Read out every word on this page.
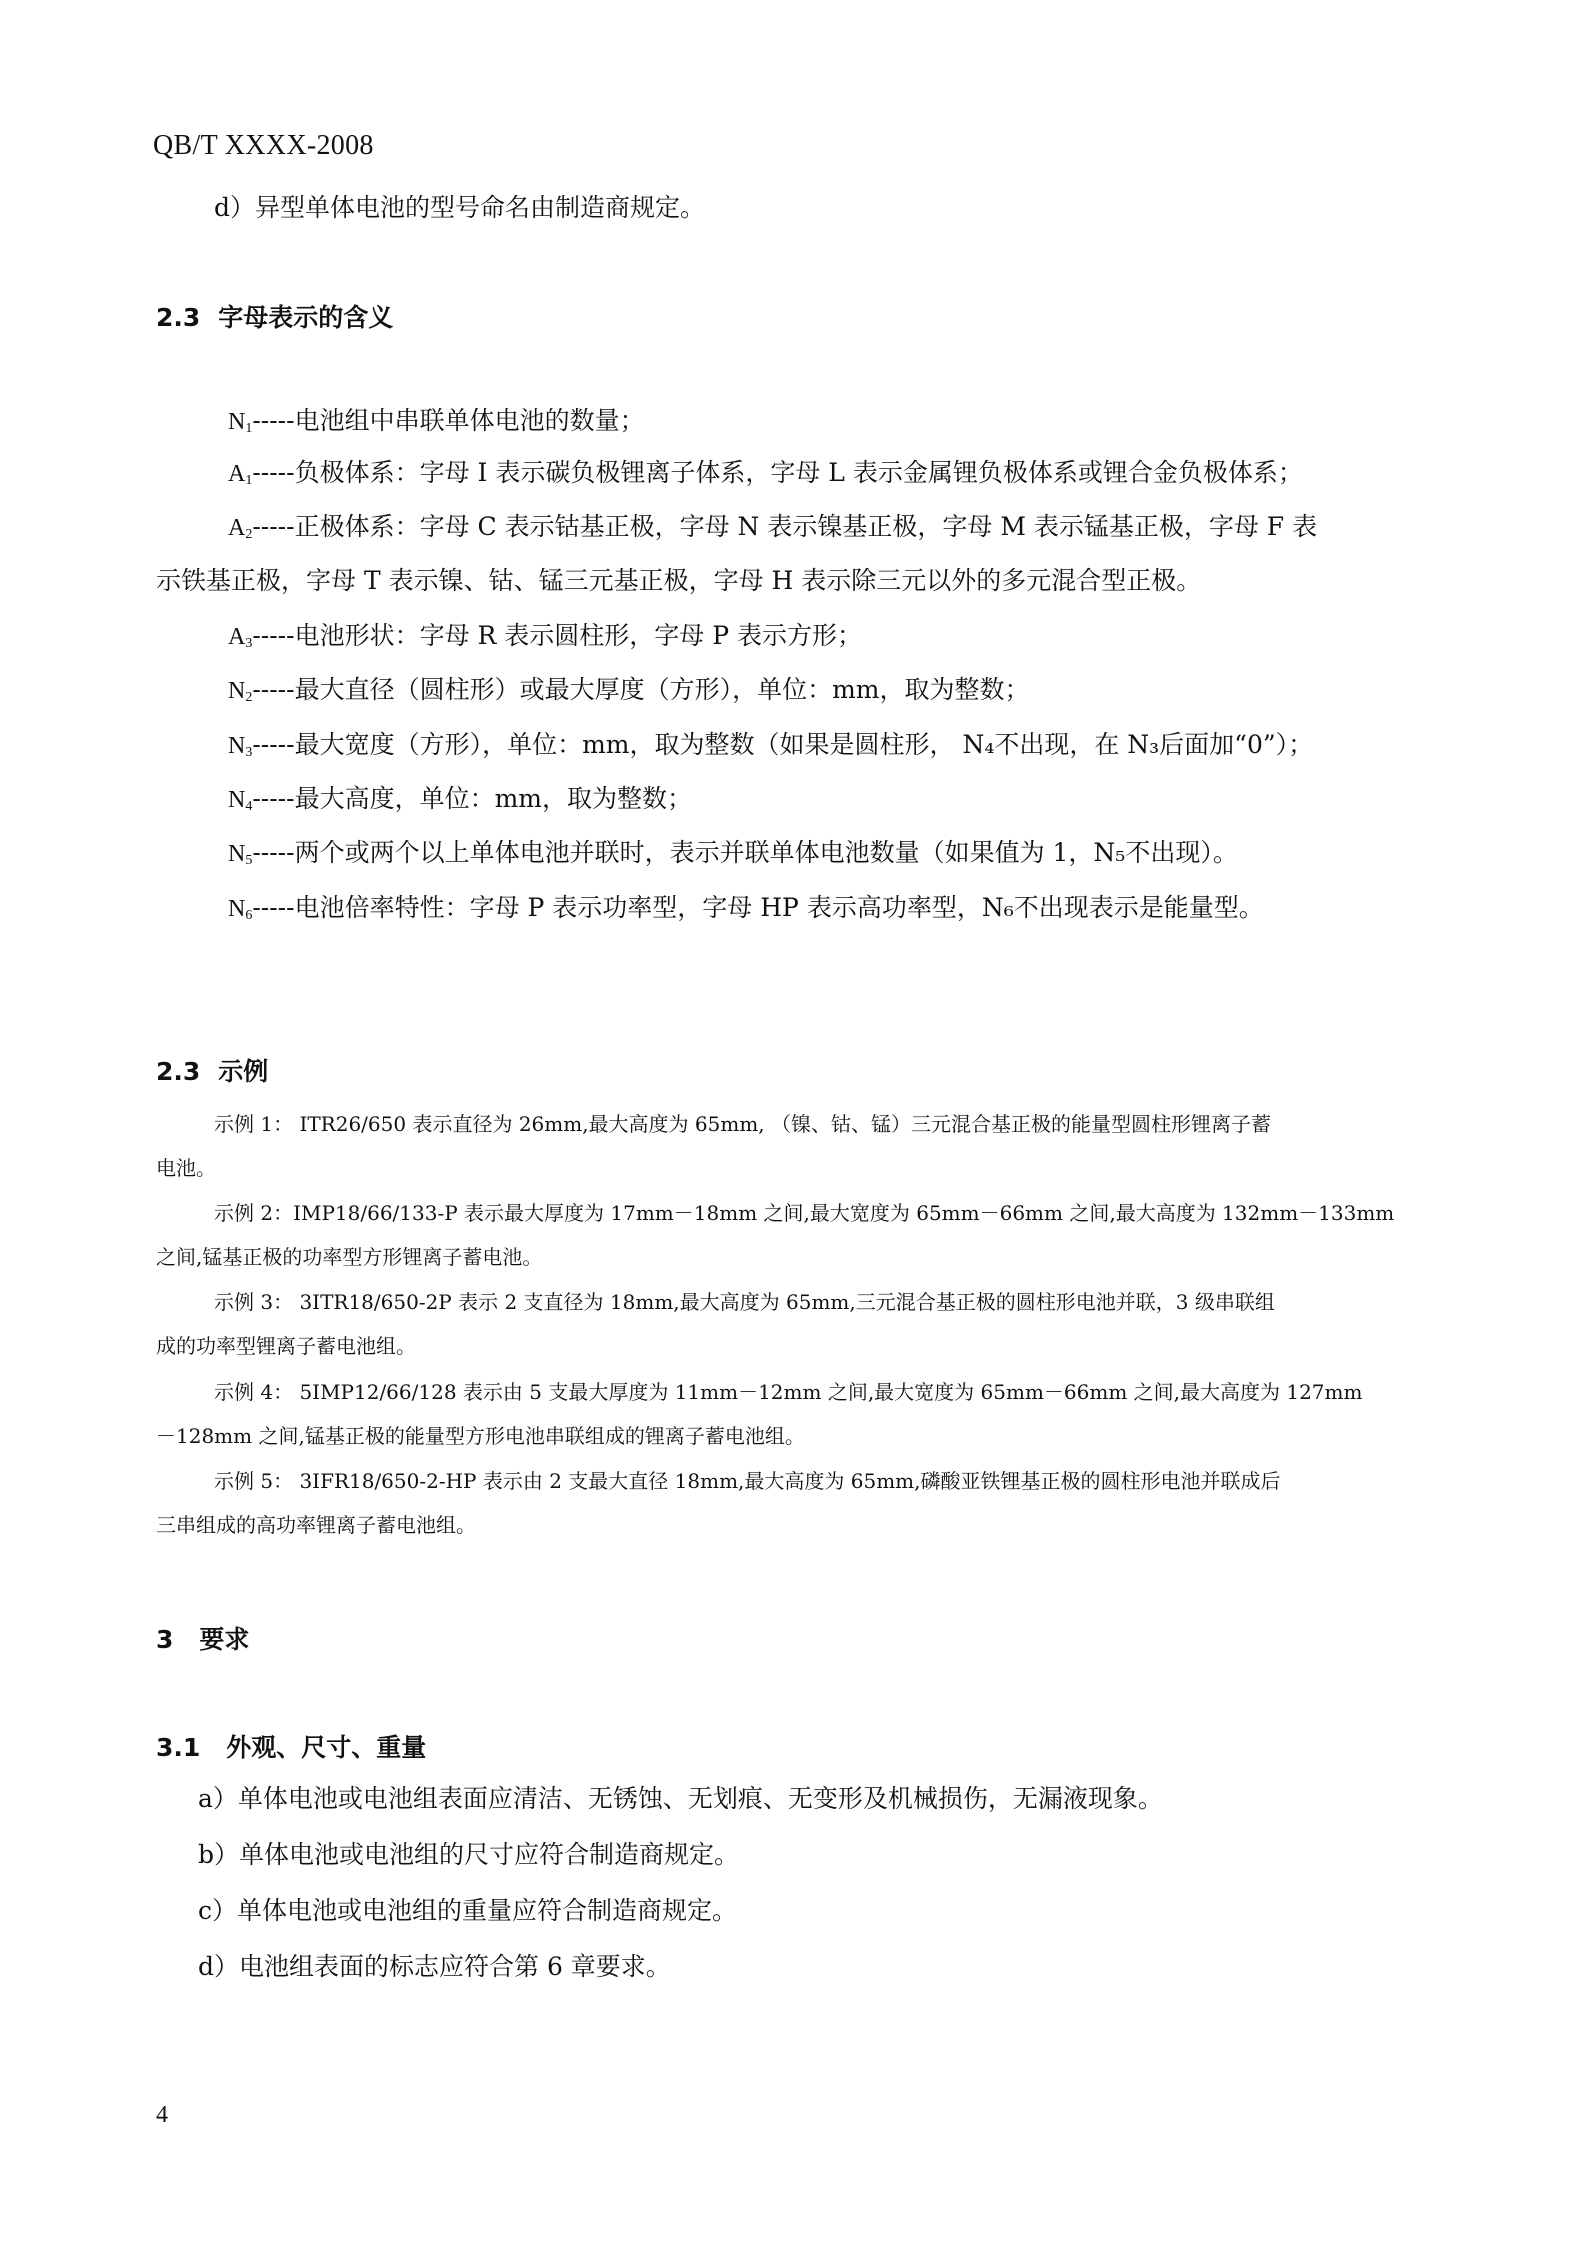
QB/T XXXX-2008
d）异型单体电池的型号命名由制造商规定。
2.3 字母表示的含义
$N_1-----$电池组中串联单体电池的数量；
$A_1-----$负极体系：字母 I 表示碳负极锂离子体系，字母 L 表示金属锂负极体系或锂合金负极体系；
$A_2-----$正极体系：字母 C 表示钴基正极，字母 N 表示镍基正极，字母 M 表示锰基正极，字母 F 表
示铁基正极，字母 T 表示镍、钴、锰三元基正极，字母 H 表示除三元以外的多元混合型正极。
$A_3-----$电池形状：字母 R 表示圆柱形，字母 P 表示方形；
$N_2-----$最大直径（圆柱形）或最大厚度（方形），单位：mm，取为整数；
$N_3-----$最大宽度（方形），单位：mm，取为整数（如果是圆柱形， N₄不出现，在 N₃后面加“0”）；
$N_4-----$最大高度，单位：mm，取为整数；
$N_5-----$两个或两个以上单体电池并联时，表示并联单体电池数量（如果值为 1，N₅不出现）。
$N_6-----$电池倍率特性：字母 P 表示功率型，字母 HP 表示高功率型，N₆不出现表示是能量型。
2.3 示例
示例 1： ITR26/650 表示直径为 26mm,最大高度为 65mm, （镍、钴、锰）三元混合基正极的能量型圆柱形锂离子蓄
电池。
示例 2：IMP18/66/133-P 表示最大厚度为 17mm－18mm 之间,最大宽度为 65mm－66mm 之间,最大高度为 132mm－133mm
之间,锰基正极的功率型方形锂离子蓄电池。
示例 3： 3ITR18/650-2P 表示 2 支直径为 18mm,最大高度为 65mm,三元混合基正极的圆柱形电池并联，3 级串联组
成的功率型锂离子蓄电池组。
示例 4： 5IMP12/66/128 表示由 5 支最大厚度为 11mm－12mm 之间,最大宽度为 65mm－66mm 之间,最大高度为 127mm
－128mm 之间,锰基正极的能量型方形电池串联组成的锂离子蓄电池组。
示例 5： 3IFR18/650-2-HP 表示由 2 支最大直径 18mm,最大高度为 65mm,磷酸亚铁锂基正极的圆柱形电池并联成后
三串组成的高功率锂离子蓄电池组。
3 要求
3.1 外观、尺寸、重量
a）单体电池或电池组表面应清洁、无锈蚀、无划痕、无变形及机械损伤，无漏液现象。
b）单体电池或电池组的尺寸应符合制造商规定。
c）单体电池或电池组的重量应符合制造商规定。
d）电池组表面的标志应符合第 6 章要求。
4
